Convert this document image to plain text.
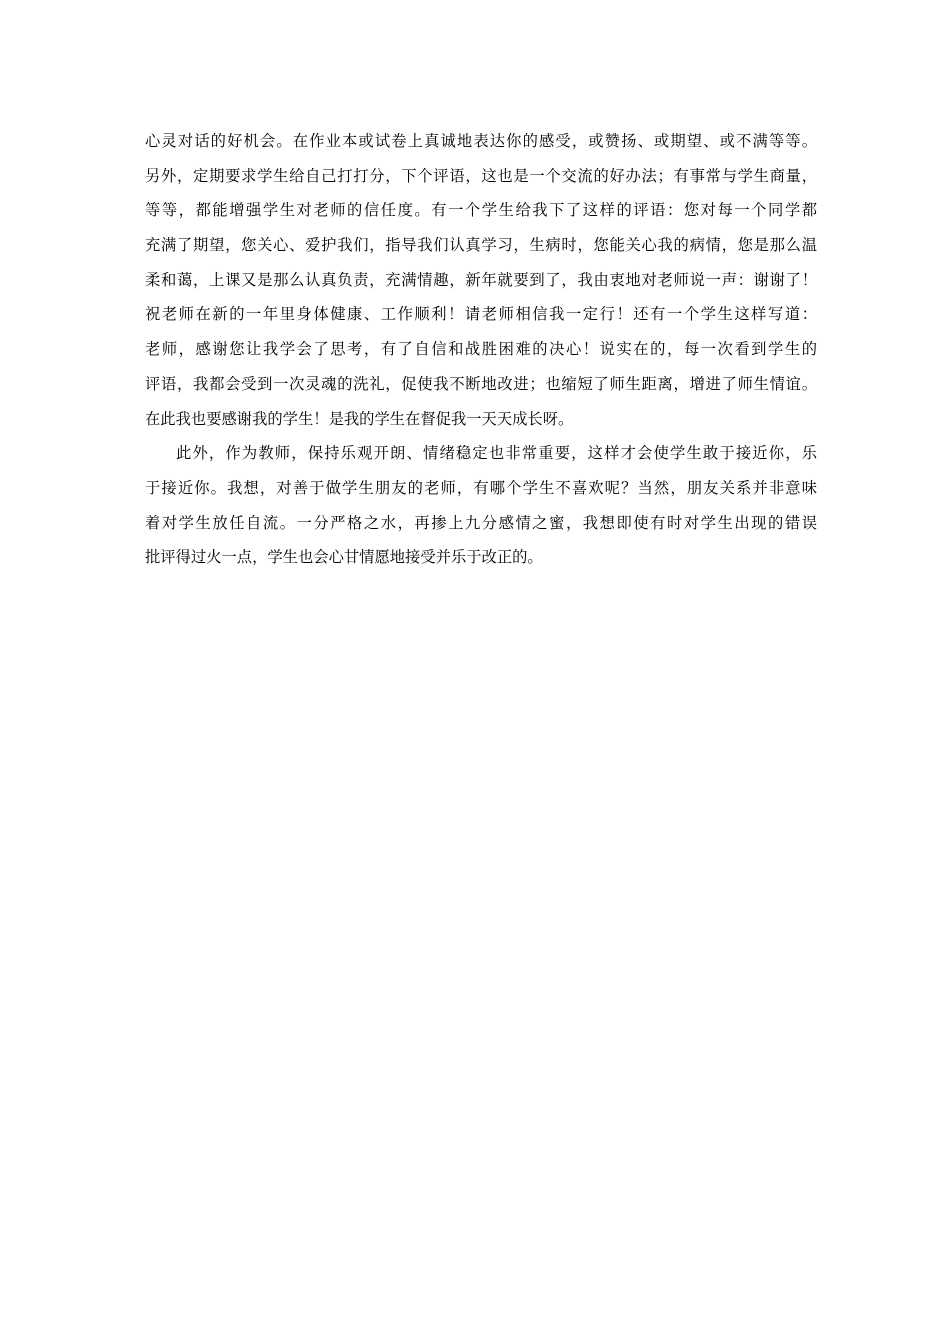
心灵对话的好机会。在作业本或试卷上真诚地表达你的感受，或赞扬、或期望、或不满等等。
另外，定期要求学生给自己打打分，下个评语，这也是一个交流的好办法；有事常与学生商量，
等等，都能增强学生对老师的信任度。有一个学生给我下了这样的评语：您对每一个同学都
充满了期望，您关心、爱护我们，指导我们认真学习，生病时，您能关心我的病情，您是那么温
柔和蔼，上课又是那么认真负责，充满情趣，新年就要到了，我由衷地对老师说一声：谢谢了！
祝老师在新的一年里身体健康、工作顺利！请老师相信我一定行！还有一个学生这样写道：
老师，感谢您让我学会了思考，有了自信和战胜困难的决心！说实在的，每一次看到学生的
评语，我都会受到一次灵魂的洗礼，促使我不断地改进；也缩短了师生距离，增进了师生情谊。
在此我也要感谢我的学生！是我的学生在督促我一天天成长呀。
此外，作为教师，保持乐观开朗、情绪稳定也非常重要，这样才会使学生敢于接近你，乐
于接近你。我想，对善于做学生朋友的老师，有哪个学生不喜欢呢？当然，朋友关系并非意味
着对学生放任自流。一分严格之水，再掺上九分感情之蜜，我想即使有时对学生出现的错误
批评得过火一点，学生也会心甘情愿地接受并乐于改正的。
